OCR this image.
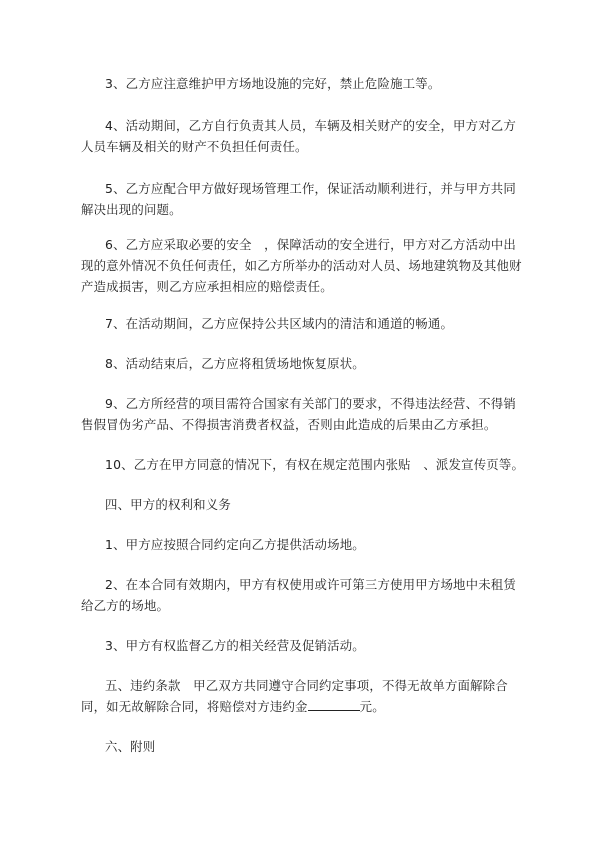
3、乙方应注意维护甲方场地设施的完好，禁止危险施工等。

4、活动期间，乙方自行负责其人员，车辆及相关财产的安全，甲方对乙方人员车辆及相关的财产不负担任何责任。

5、乙方应配合甲方做好现场管理工作，保证活动顺利进行，并与甲方共同解决出现的问题。

6、乙方应采取必要的安全　，保障活动的安全进行，甲方对乙方活动中出现的意外情况不负任何责任，如乙方所举办的活动对人员、场地建筑物及其他财产造成损害，则乙方应承担相应的赔偿责任。

7、在活动期间，乙方应保持公共区域内的清洁和通道的畅通。

8、活动结束后，乙方应将租赁场地恢复原状。

9、乙方所经营的项目需符合国家有关部门的要求，不得违法经营、不得销售假冒伪劣产品、不得损害消费者权益，否则由此造成的后果由乙方承担。

10、乙方在甲方同意的情况下，有权在规定范围内张贴　、派发宣传页等。

四、甲方的权利和义务

1、甲方应按照合同约定向乙方提供活动场地。

2、在本合同有效期内，甲方有权使用或许可第三方使用甲方场地中未租赁给乙方的场地。

3、甲方有权监督乙方的相关经营及促销活动。

五、违约条款　甲乙双方共同遵守合同约定事项，不得无故单方面解除合同，如无故解除合同，将赔偿对方违约金	元。

六、附则
